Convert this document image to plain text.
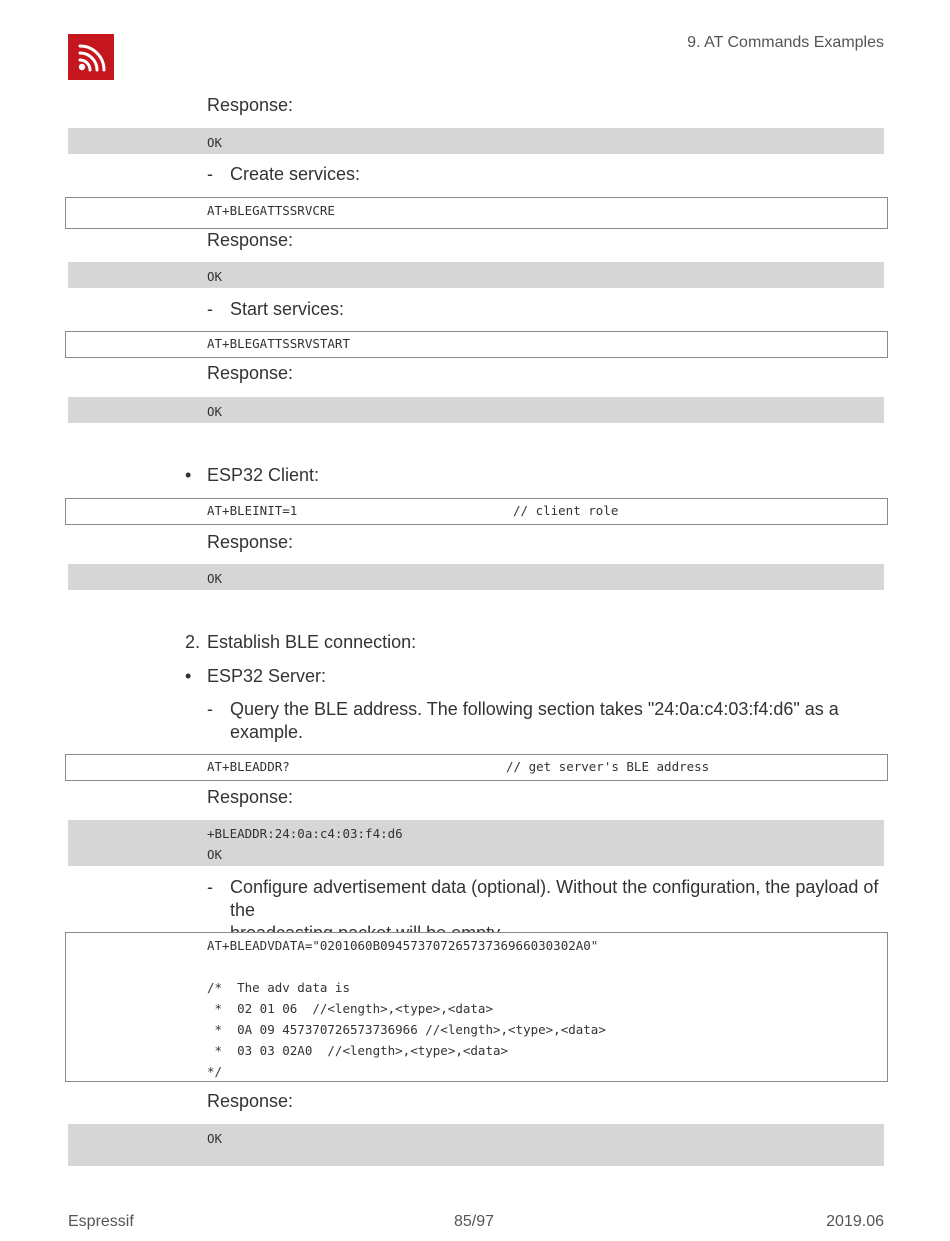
9. AT Commands Examples
Response:
OK
- Create services:
AT+BLEGATTSSRVCRE
Response:
OK
- Start services:
AT+BLEGATTSSRVSTART
Response:
OK
• ESP32 Client:
AT+BLEINIT=1	// client role
Response:
OK
2. Establish BLE connection:
• ESP32 Server:
- Query the BLE address. The following section takes "24:0a:c4:03:f4:d6" as a
example.
AT+BLEADDR?	// get server's BLE address
Response:
+BLEADDR:24:0a:c4:03:f4:d6
OK
- Configure advertisement data (optional). Without the configuration, the payload of the
AT+BLEADVDATA="0201060B09457370726573736966030302A0"
/*  The adv data is
*  02 01 06  //<length>,<type>,<data>
*  0A 09 457370726573736966 //<length>,<type>,<data>
*  03 03 02A0  //<length>,<type>,<data>
*/
Response:
OK
Espressif	85/97	2019.06
